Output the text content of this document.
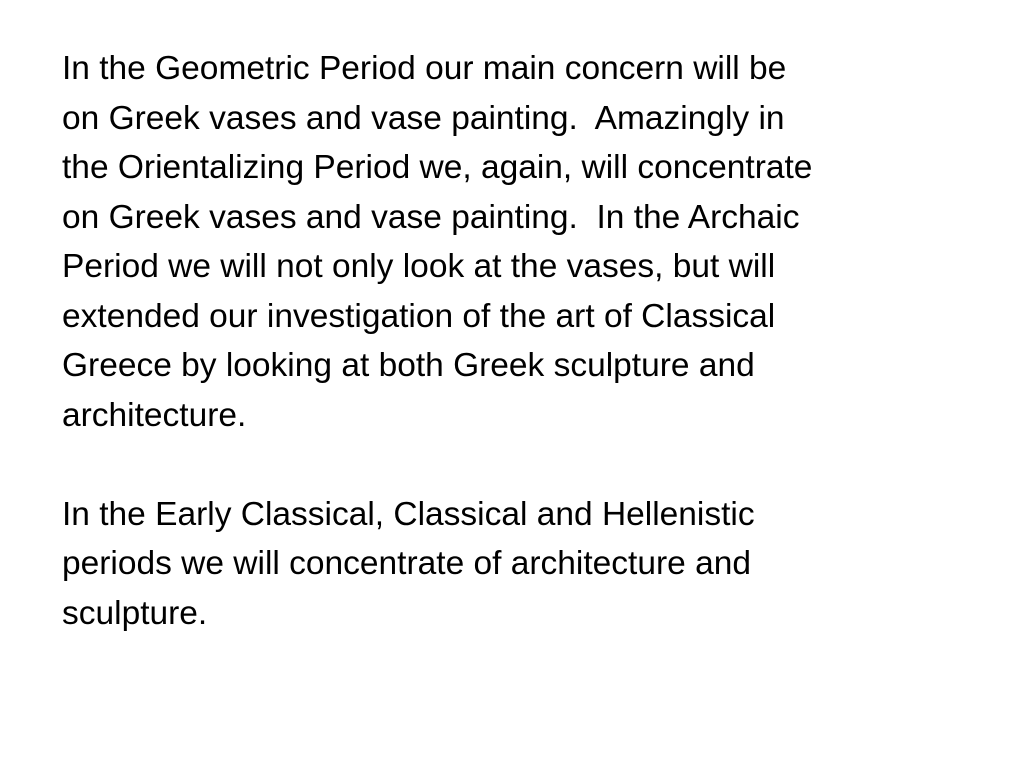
In the Geometric Period our main concern will be
on Greek vases and vase painting.  Amazingly in
the Orientalizing Period we, again, will concentrate
on Greek vases and vase painting.  In the Archaic
Period we will not only look at the vases, but will
extended our investigation of the art of Classical
Greece by looking at both Greek sculpture and
architecture.

In the Early Classical, Classical and Hellenistic
periods we will concentrate of architecture and
sculpture.
